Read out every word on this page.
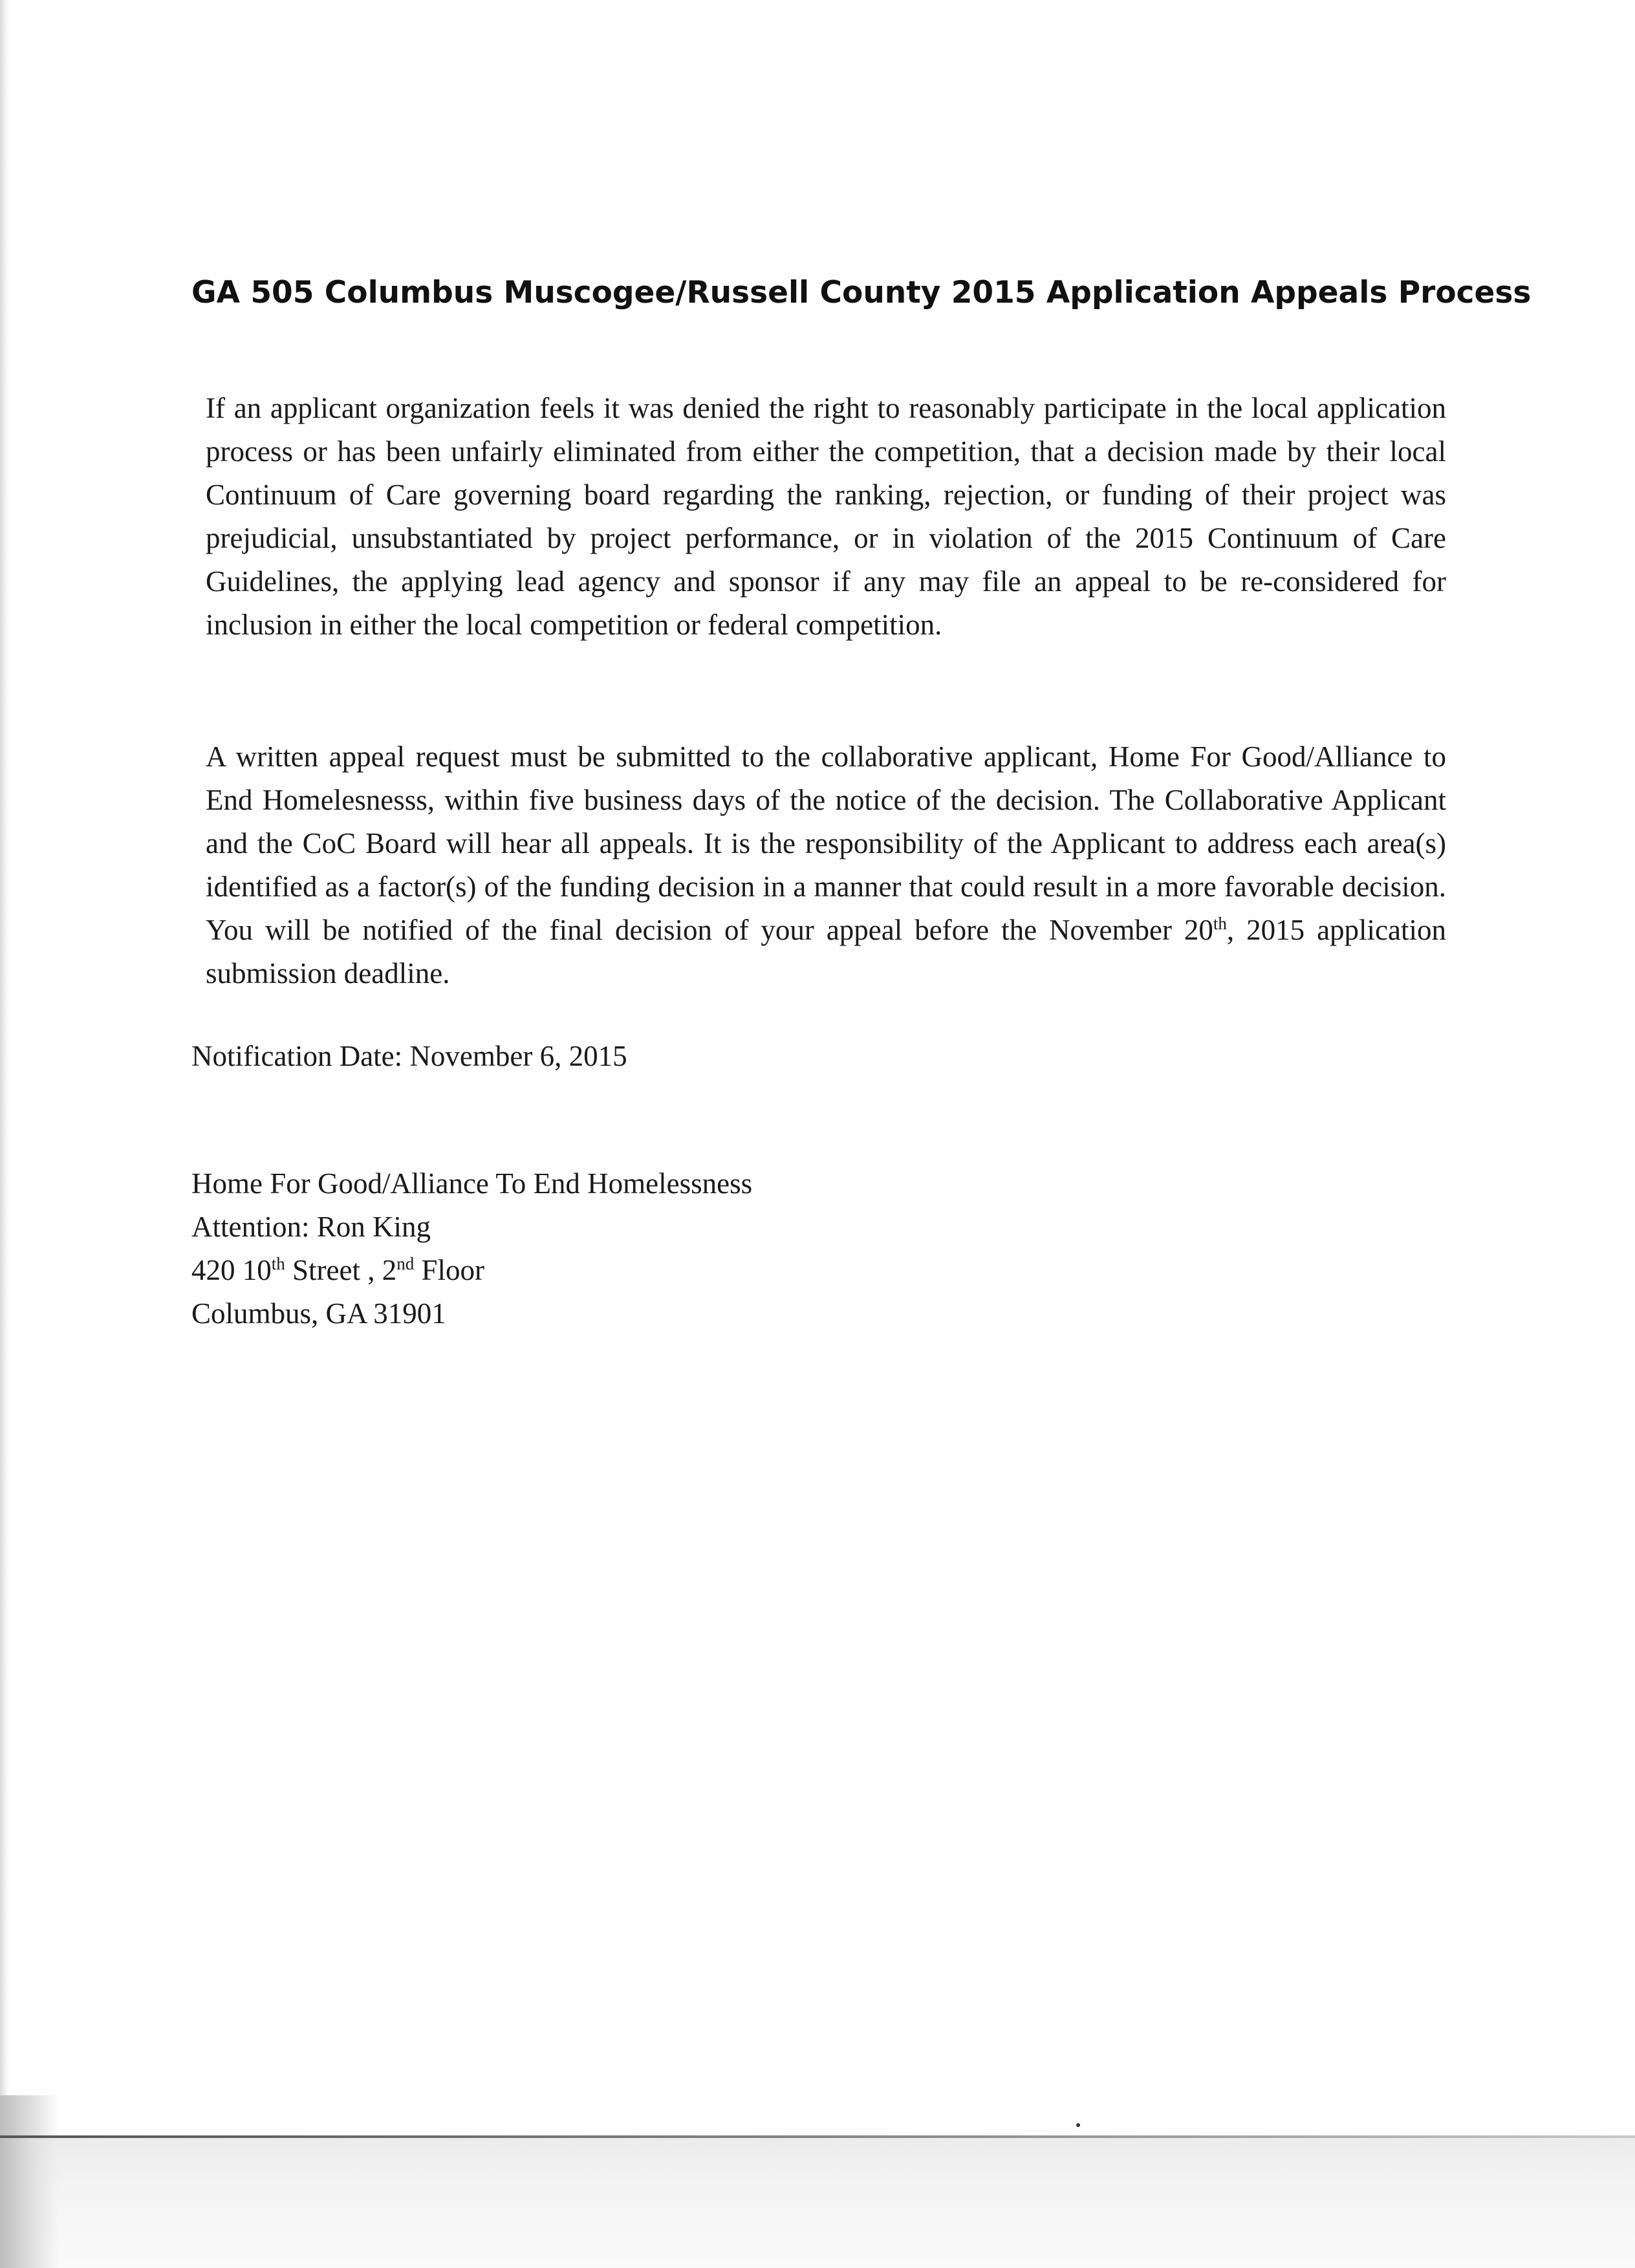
GA 505 Columbus Muscogee/Russell County 2015 Application Appeals Process

If an applicant organization feels it was denied the right to reasonably participate in the local application process or has been unfairly eliminated from either the competition, that a decision made by their local Continuum of Care governing board regarding the ranking, rejection, or funding of their project was prejudicial, unsubstantiated by project performance, or in violation of the 2015 Continuum of Care Guidelines, the applying lead agency and sponsor if any may file an appeal to be re-considered for inclusion in either the local competition or federal competition.

A written appeal request must be submitted to the collaborative applicant, Home For Good/Alliance to End Homelesnesss, within five business days of the notice of the decision. The Collaborative Applicant and the CoC Board will hear all appeals. It is the responsibility of the Applicant to address each area(s) identified as a factor(s) of the funding decision in a manner that could result in a more favorable decision. You will be notified of the final decision of your appeal before the November 20th, 2015 application submission deadline.

Notification Date: November 6, 2015

Home For Good/Alliance To End Homelessness

Attention: Ron King

420 10th Street , 2nd Floor

Columbus, GA 31901
